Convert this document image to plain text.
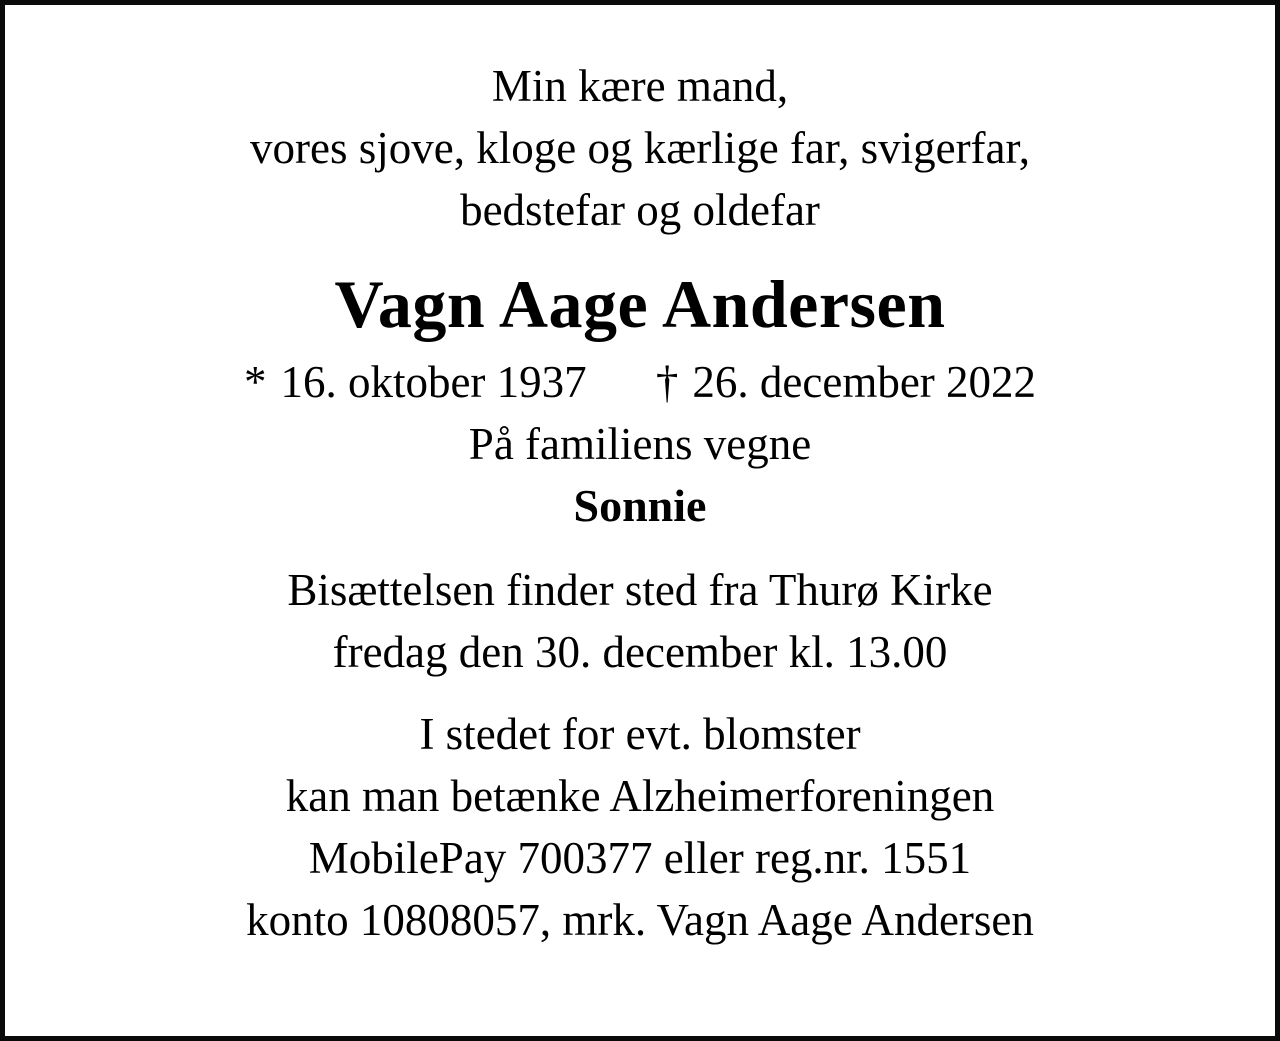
Min kære mand,

vores sjove, kloge og kærlige far, svigerfar,

bedstefar og oldefar

Vagn Aage Andersen

* 16. oktober 1937 † 26. december 2022

På familiens vegne

Sonnie

Bisættelsen finder sted fra Thurø Kirke

fredag den 30. december kl. 13.00

I stedet for evt. blomster

kan man betænke Alzheimerforeningen

MobilePay 700377 eller reg.nr. 1551

konto 10808057, mrk. Vagn Aage Andersen
